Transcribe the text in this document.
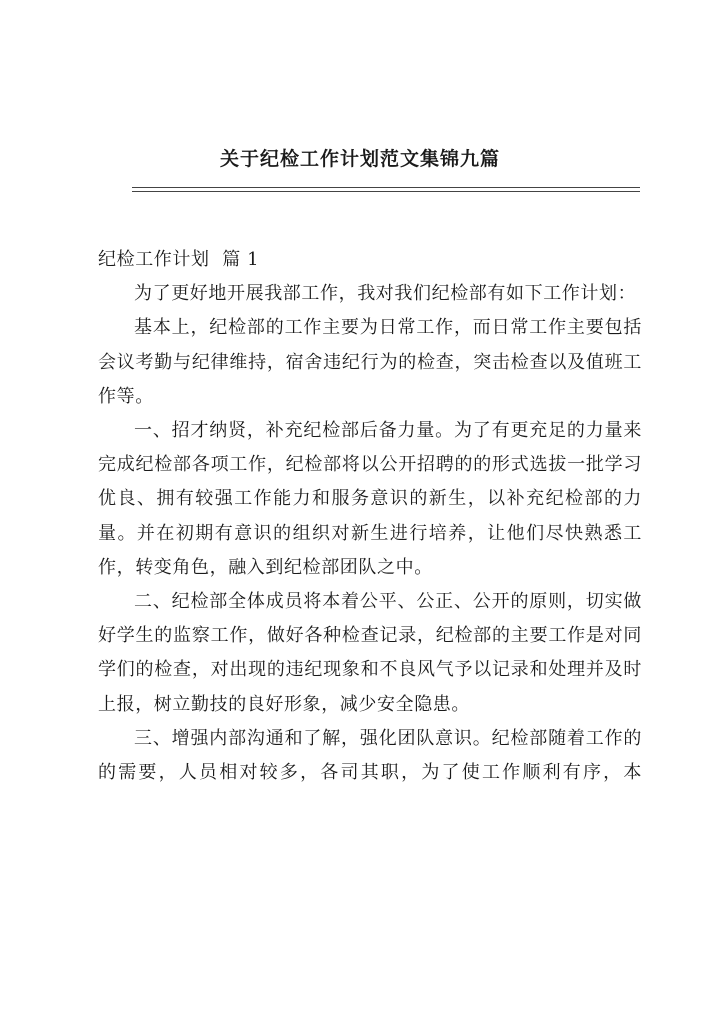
关于纪检工作计划范文集锦九篇

纪检工作计划  篇 1

为了更好地开展我部工作，我对我们纪检部有如下工作计划：

基本上，纪检部的工作主要为日常工作，而日常工作主要包括会议考勤与纪律维持，宿舍违纪行为的检查，突击检查以及值班工作等。

一、招才纳贤，补充纪检部后备力量。为了有更充足的力量来完成纪检部各项工作，纪检部将以公开招聘的的形式选拔一批学习优良、拥有较强工作能力和服务意识的新生，以补充纪检部的力量。并在初期有意识的组织对新生进行培养，让他们尽快熟悉工作，转变角色，融入到纪检部团队之中。

二、纪检部全体成员将本着公平、公正、公开的原则，切实做好学生的监察工作，做好各种检查记录，纪检部的主要工作是对同学们的检查，对出现的违纪现象和不良风气予以记录和处理并及时上报，树立勤技的良好形象，减少安全隐患。

三、增强内部沟通和了解，强化团队意识。纪检部随着工作的的需要，人员相对较多，各司其职，为了使工作顺利有序，本
